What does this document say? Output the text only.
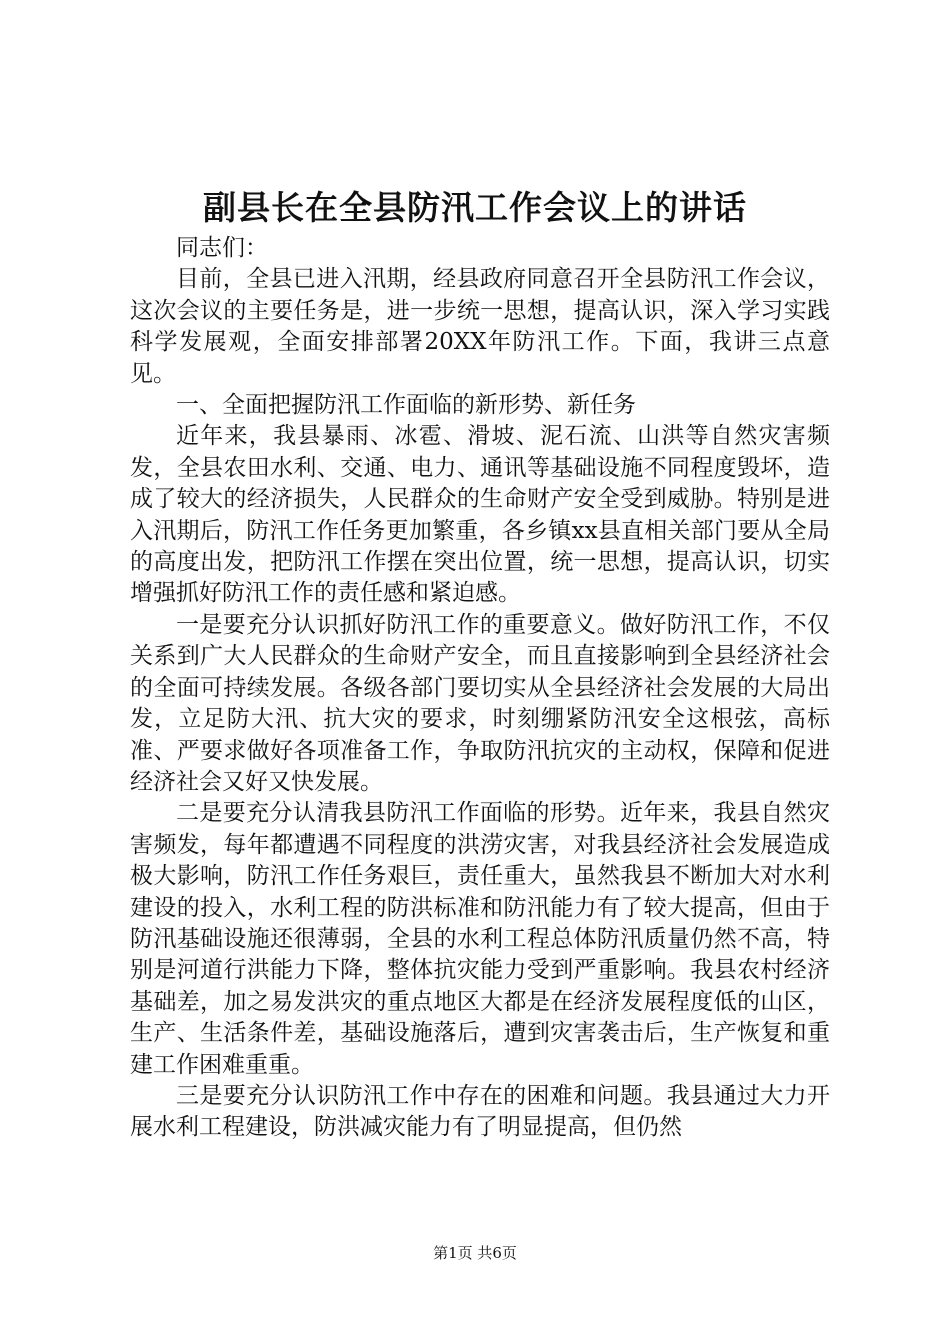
副县长在全县防汛工作会议上的讲话

同志们：

目前，全县已进入汛期，经县政府同意召开全县防汛工作会议，这次会议的主要任务是，进一步统一思想，提高认识，深入学习实践科学发展观，全面安排部署20XX年防汛工作。下面，我讲三点意见。

一、全面把握防汛工作面临的新形势、新任务

近年来，我县暴雨、冰雹、滑坡、泥石流、山洪等自然灾害频发，全县农田水利、交通、电力、通讯等基础设施不同程度毁坏，造成了较大的经济损失，人民群众的生命财产安全受到威胁。特别是进入汛期后，防汛工作任务更加繁重，各乡镇xx县直相关部门要从全局的高度出发，把防汛工作摆在突出位置，统一思想，提高认识，切实增强抓好防汛工作的责任感和紧迫感。

一是要充分认识抓好防汛工作的重要意义。做好防汛工作，不仅关系到广大人民群众的生命财产安全，而且直接影响到全县经济社会的全面可持续发展。各级各部门要切实从全县经济社会发展的大局出发，立足防大汛、抗大灾的要求，时刻绷紧防汛安全这根弦，高标准、严要求做好各项准备工作，争取防汛抗灾的主动权，保障和促进经济社会又好又快发展。

二是要充分认清我县防汛工作面临的形势。近年来，我县自然灾害频发，每年都遭遇不同程度的洪涝灾害，对我县经济社会发展造成极大影响，防汛工作任务艰巨，责任重大，虽然我县不断加大对水利建设的投入，水利工程的防洪标准和防汛能力有了较大提高，但由于防汛基础设施还很薄弱，全县的水利工程总体防汛质量仍然不高，特别是河道行洪能力下降，整体抗灾能力受到严重影响。我县农村经济基础差，加之易发洪灾的重点地区大都是在经济发展程度低的山区，生产、生活条件差，基础设施落后，遭到灾害袭击后，生产恢复和重建工作困难重重。

三是要充分认识防汛工作中存在的困难和问题。我县通过大力开展水利工程建设，防洪减灾能力有了明显提高，但仍然

第1页 共6页
